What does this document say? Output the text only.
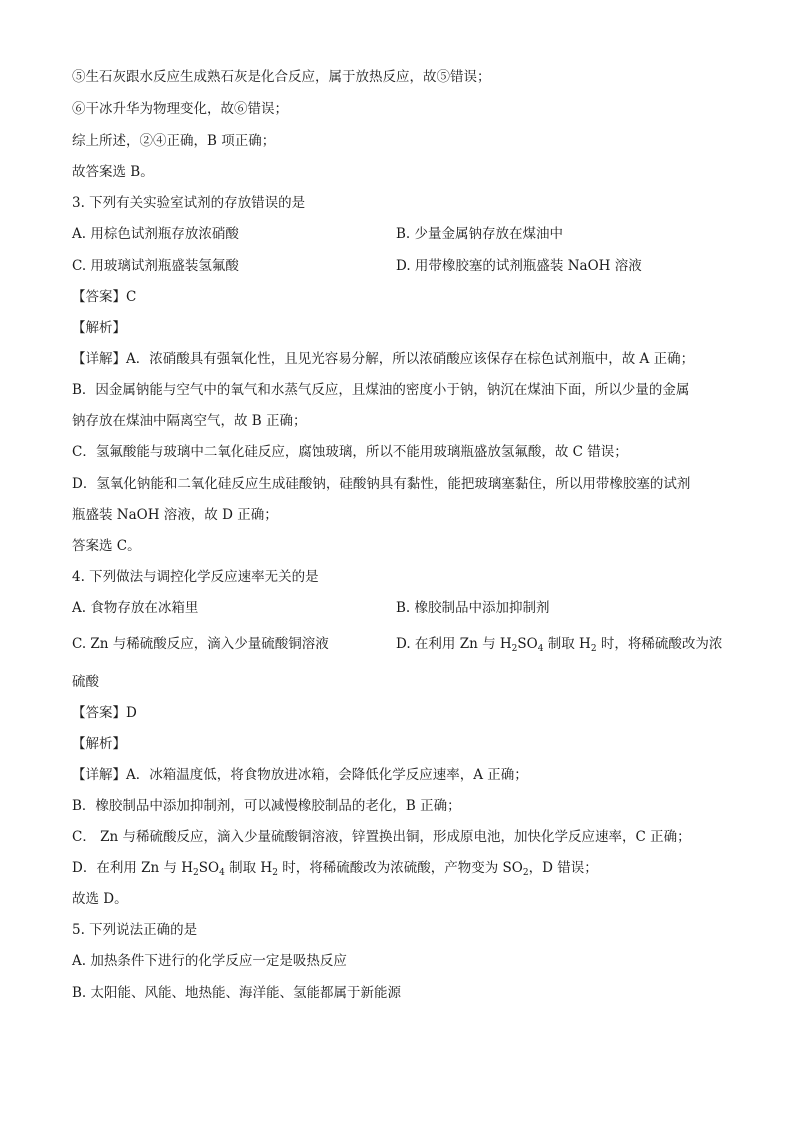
⑤生石灰跟水反应生成熟石灰是化合反应，属于放热反应，故⑤错误；
⑥干冰升华为物理变化，故⑥错误；
综上所述，②④正确，B 项正确；
故答案选 B。
3. 下列有关实验室试剂的存放错误的是
A. 用棕色试剂瓶存放浓硝酸	B. 少量金属钠存放在煤油中
C. 用玻璃试剂瓶盛装氢氟酸	D. 用带橡胶塞的试剂瓶盛装 NaOH 溶液
【答案】C
【解析】
【详解】A．浓硝酸具有强氧化性，且见光容易分解，所以浓硝酸应该保存在棕色试剂瓶中，故 A 正确；
B．因金属钠能与空气中的氧气和水蒸气反应，且煤油的密度小于钠，钠沉在煤油下面，所以少量的金属
钠存放在煤油中隔离空气，故 B 正确；
C．氢氟酸能与玻璃中二氧化硅反应，腐蚀玻璃，所以不能用玻璃瓶盛放氢氟酸，故 C 错误；
D．氢氧化钠能和二氧化硅反应生成硅酸钠，硅酸钠具有黏性，能把玻璃塞黏住，所以用带橡胶塞的试剂
瓶盛装 NaOH 溶液，故 D 正确；
答案选 C。
4. 下列做法与调控化学反应速率无关的是
A. 食物存放在冰箱里	B. 橡胶制品中添加抑制剂
C. Zn 与稀硫酸反应，滴入少量硫酸铜溶液	D. 在利用 Zn 与 $H_2SO_4$ 制取 $H_2$ 时，将稀硫酸改为浓
硫酸
【答案】D
【解析】
【详解】A．冰箱温度低，将食物放进冰箱，会降低化学反应速率，A 正确；
B．橡胶制品中添加抑制剂，可以减慢橡胶制品的老化，B 正确；
C． Zn 与稀硫酸反应，滴入少量硫酸铜溶液，锌置换出铜，形成原电池，加快化学反应速率，C 正确；
D．在利用 Zn 与 $H_2SO_4$ 制取 $H_2$ 时，将稀硫酸改为浓硫酸，产物变为 $SO_2$，D 错误；
故选 D。
5. 下列说法正确的是
A. 加热条件下进行的化学反应一定是吸热反应
B. 太阳能、风能、地热能、海洋能、氢能都属于新能源
